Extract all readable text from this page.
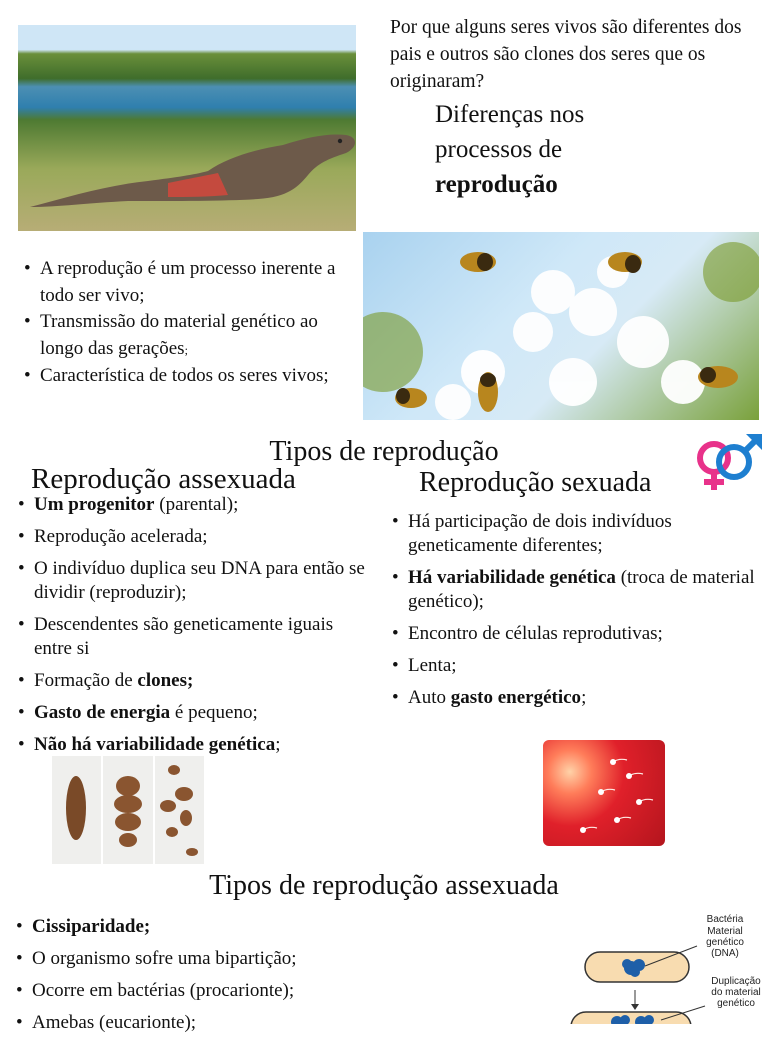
Por que alguns seres vivos são diferentes dos pais e outros são clones dos seres que os originaram?
Diferenças nos
processos de
reprodução
• A reprodução é um processo inerente a todo ser vivo;
• Transmissão do material genético ao longo das gerações;
• Característica de todos os seres vivos;
Tipos de reprodução
Reprodução assexuada	Reprodução sexuada
• Um progenitor (parental);
• Reprodução acelerada;
• O indivíduo duplica seu DNA para então se dividir (reproduzir);
• Descendentes são geneticamente iguais entre si
• Formação de clones;
• Gasto de energia é pequeno;
• Não há variabilidade genética;
• Há participação de dois indivíduos geneticamente diferentes;
• Há variabilidade genética (troca de material genético);
• Encontro de células reprodutivas;
• Lenta;
• Auto gasto energético;
Tipos de reprodução assexuada
• Cissiparidade;
• O organismo sofre uma bipartição;
• Ocorre em bactérias (procarionte);
• Amebas (eucarionte);
Bactéria
Material genético (DNA)
Duplicação do material genético
